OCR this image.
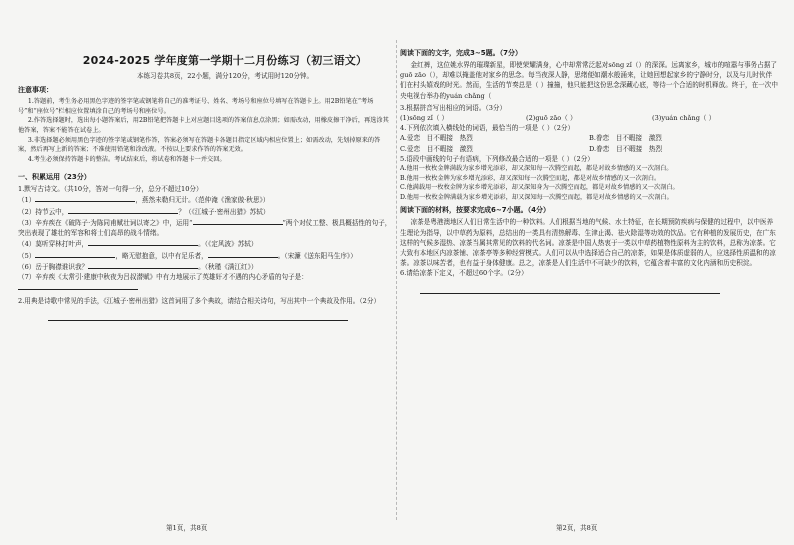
2024-2025 学年度第一学期十二月份练习（初三语文）
本练习卷共8页，22小题，满分120分，考试用时120分钟。
注意事项：

1.答题前，考生务必用黑色字迹的签字笔或钢笔将自己的准考证号、姓名、考场号和座位号填写在答题卡上。用2B铅笔在“考场号”和“座位号”栏相应位置填涂自己的考场号和座位号。

2.作答选择题时，选出每小题答案后，用2B铅笔把答题卡上对应题目选项的答案信息点涂黑；如需改动，用橡皮擦干净后，再选涂其他答案，答案不能答在试卷上。

3.非选择题必须用黑色字迹的签字笔或钢笔作答，答案必须写在答题卡各题目指定区域内相应位置上；如需改动，先划掉原来的答案，然后再写上新的答案；不准使用铅笔和涂改液。不按以上要求作答的答案无效。

4.考生必须保持答题卡的整洁。考试结束后，将试卷和答题卡一并交回。

一、积累运用（23分）

1.默写古诗文。（共10分，答对一句得一分，总分不超过10分）

（1）	，燕然未勒归无计。（范仲淹《渔家傲·秋思》）

（2）持节云中，	？（《江城子·密州出猎》苏轼）

（3）辛弃疾在《破阵子·为陈同甫赋壮词以寄之》中，运用“	”两个对仗工整、极具概括性的句子，突出表现了雄壮的军容和将士们高昂的战斗情绪。

（4）莫听穿林打叶声，	。（《定风波》苏轼）

（5）	，略无慰抱意，以中有足乐者，	。（宋濂《送东阳马生序》）

（6）岳于胸襟谁识我？	。（秋瑾《满江红》）

（7）辛弃疾《太常引·建康中秋夜为吕叔潜赋》中有力地展示了英雄奸才不遇的内心矛盾的句子是：

2.用典是诗歌中常见的手法，《江城子·密州出猎》这首词用了多个典故，请结合相关诗句，写出其中一个典故及作用。（2分）

阅读下面的文字，完成3~5题。（7分）

金红裤，这位姚水界的璀璨新星，即使荣耀满身，心中却常常泛起对sōng zǐ（）的深深。远离家乡，城市的喧嚣与事务占据了guō zāo（），却难以掩盖他对家乡的思念。每当夜深人静，思绪便如潮水般涌来，让她回想起家乡的宁静时分，以及与儿时伙伴们在村头嬉戏的时光。然而，生活的节奏总是（ ）撞撞，他只能把这份思念深藏心底，等待一个合适的时机释放。终于，在一次中央电视台举办的yuán chǎng（

3.根据拼音写出相应的词语。（3分）

(1)sōng zǐ（ ）	(2)guō zāo（ ）	(3)yuán chǎng（ ）

4.下列依次填入横线处的词语，最恰当的一项是（ ）（2分）

A.爱恋　 目不暇接　 热烈	B.眷恋　 目不暇接　 激烈
C.爱恋　 目不暇接　 激烈	D.眷恋　 目不暇接　 热烈

5.语段中画线的句子有语病，下列修改最合适的一项是（ ）（2分）

A.他用一枚枚金牌满载为家乡增光添彩，却又深知每一次腾空而起，都是对故乡情感的又一次剖白。

B.他用一枚枚金牌为家乡增光添彩，却又深知每一次腾空而起，都是对故乡情感的又一次剖白。

C.他满载用一枚枚金牌为家乡增光添彩，却又深知身为一次腾空而起，都是对故乡情感的又一次剖白。

D.他用一枚枚金牌满载为家乡增光添彩，却又深知每一次腾空而起，都是对故乡情感的又一次剖白。

阅读下面的材料，按要求完成6~7小题。（4分）

凉茶是粤港澳地区人们日常生活中的一种饮料。人们根据当地的气候、水土特征，在长期预防疾病与保健的过程中，以中医养生理论为指导，以中草药为原料，总结出的一类具有清热解毒、生津止渴、祛火除湿等功效的饮品。它有种植的发展历史，在广东这样的气候多湿热、凉茶当属其常见的饮料的代名词。凉茶是中国人热衷于一类以中草药植物性原料为主的饮料，总称为凉茶。它大致有本地区内凉茶铺、凉茶亭等多种经营模式。人们可以从中选择适合自己的凉茶，如果是体质虚弱的人，应选择性质温和的凉茶。凉茶以味苦者，也有益于身体健康。总之，凉茶是人们生活中不可缺少的饮料，它蕴含着丰富的文化内涵和历史积淀。

6.请给凉茶下定义，不超过60个字。（2分）

第1页，共8页	第2页，共8页
